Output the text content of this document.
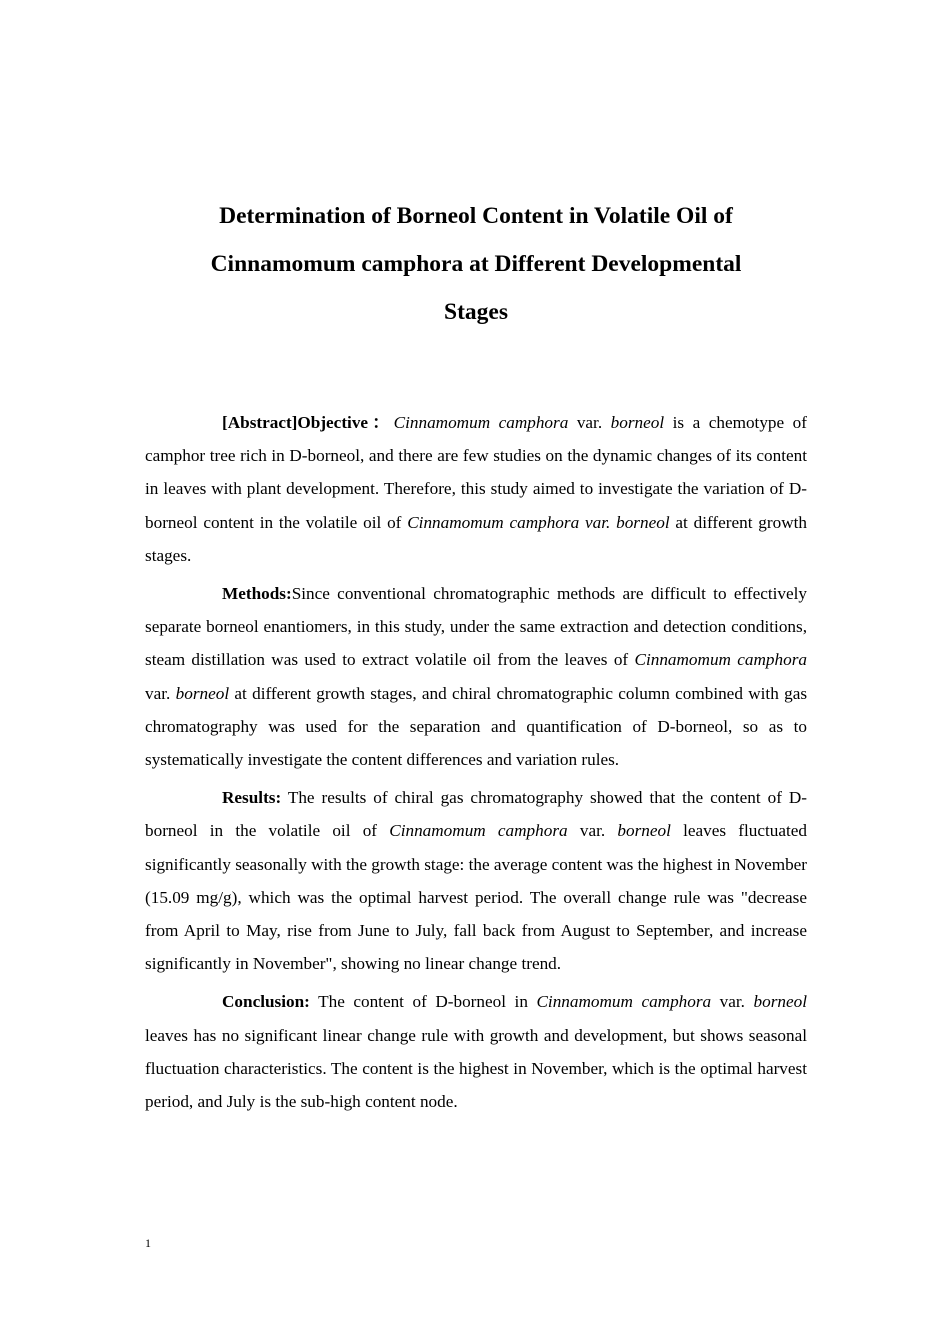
Determination of Borneol Content in Volatile Oil of
Cinnamomum camphora at Different Developmental
Stages

[Abstract]Objective：Cinnamomum camphora var. borneol is a chemotype of camphor tree rich in D-borneol, and there are few studies on the dynamic changes of its content in leaves with plant development. Therefore, this study aimed to investigate the variation of D-borneol content in the volatile oil of Cinnamomum camphora var. borneol at different growth stages.

Methods:Since conventional chromatographic methods are difficult to effectively separate borneol enantiomers, in this study, under the same extraction and detection conditions, steam distillation was used to extract volatile oil from the leaves of Cinnamomum camphora var. borneol at different growth stages, and chiral chromatographic column combined with gas chromatography was used for the separation and quantification of D-borneol, so as to systematically investigate the content differences and variation rules.

Results: The results of chiral gas chromatography showed that the content of D-borneol in the volatile oil of Cinnamomum camphora var. borneol leaves fluctuated significantly seasonally with the growth stage: the average content was the highest in November (15.09 mg/g), which was the optimal harvest period. The overall change rule was "decrease from April to May, rise from June to July, fall back from August to September, and increase significantly in November", showing no linear change trend.

Conclusion: The content of D-borneol in Cinnamomum camphora var. borneol leaves has no significant linear change rule with growth and development, but shows seasonal fluctuation characteristics. The content is the highest in November, which is the optimal harvest period, and July is the sub-high content node.

1
